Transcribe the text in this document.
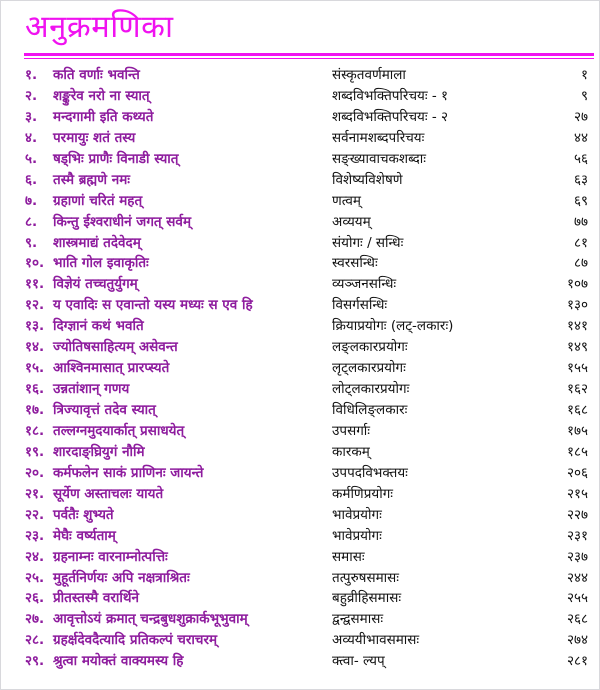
अनुक्रमणिका
१. कति वर्णाः भवन्ति	संस्कृतवर्णमाला	१
२. शङ्कुरेव नरो ना स्यात्	शब्दविभक्तिपरिचयः - १	९
३. मन्दगामी इति कथ्यते	शब्दविभक्तिपरिचयः - २	२७
४. परमायुः शतं तस्य	सर्वनामशब्दपरिचयः	४४
५. षड्भिः प्राणैः विनाडी स्यात्	सङ्ख्यावाचकशब्दाः	५६
६. तस्मै ब्रह्मणे नमः	विशेष्यविशेषणे	६३
७. ग्रहाणां चरितं महत्	णत्वम्	६९
८. किन्तु ईश्वराधीनं जगत् सर्वम्	अव्ययम्	७७
९. शास्त्रमाद्यं तदेवेदम्	संयोगः / सन्धिः	८१
१०. भाति गोल इवाकृतिः	स्वरसन्धिः	८७
११. विज्ञेयं तच्चतुर्युगम्	व्यञ्जनसन्धिः	१०७
१२. य एवादिः स एवान्तो यस्य मध्यः स एव हि	विसर्गसन्धिः	१३०
१३. दिग्ज्ञानं कथं भवति	क्रियाप्रयोगः (लट्-लकारः)	१४१
१४. ज्योतिषसाहित्यम् असेवन्त	लङ्लकारप्रयोगः	१४९
१५. आश्विनमासात् प्रारप्स्यते	लृट्लकारप्रयोगः	१५५
१६. उन्नतांशान् गणय	लोट्लकारप्रयोगः	१६२
१७. त्रिज्यावृत्तं तदेव स्यात्	विधिलिङ्लकारः	१६८
१८. तल्लग्नमुदयार्कात् प्रसाधयेत्	उपसर्गाः	१७५
१९. शारदाङ्घ्रियुगं नौमि	कारकम्	१८५
२०. कर्मफलेन साकं प्राणिनः जायन्ते	उपपदविभक्तयः	२०६
२१. सूर्येण अस्ताचलः यायते	कर्मणिप्रयोगः	२१५
२२. पर्वतैः शुभ्यते	भावेप्रयोगः	२२७
२३. मेघैः वर्ष्यताम्	भावेप्रयोगः	२३१
२४. ग्रहनाम्नः वारनाम्नोत्पत्तिः	समासः	२३७
२५. मुहूर्तनिर्णयः अपि नक्षत्राश्रितः	तत्पुरुषसमासः	२४४
२६. प्रीतस्तस्मै वरार्थिने	बहुव्रीहिसमासः	२५५
२७. आवृत्तोऽयं क्रमात् चन्द्रबुधशुक्रार्कभूभुवाम्	द्वन्द्वसमासः	२६८
२८. ग्रहर्क्षदेवदैत्यादि प्रतिकल्पं चराचरम्	अव्ययीभावसमासः	२७४
२९. श्रुत्वा मयोक्तं वाक्यमस्य हि	क्त्वा- ल्यप्	२८१
